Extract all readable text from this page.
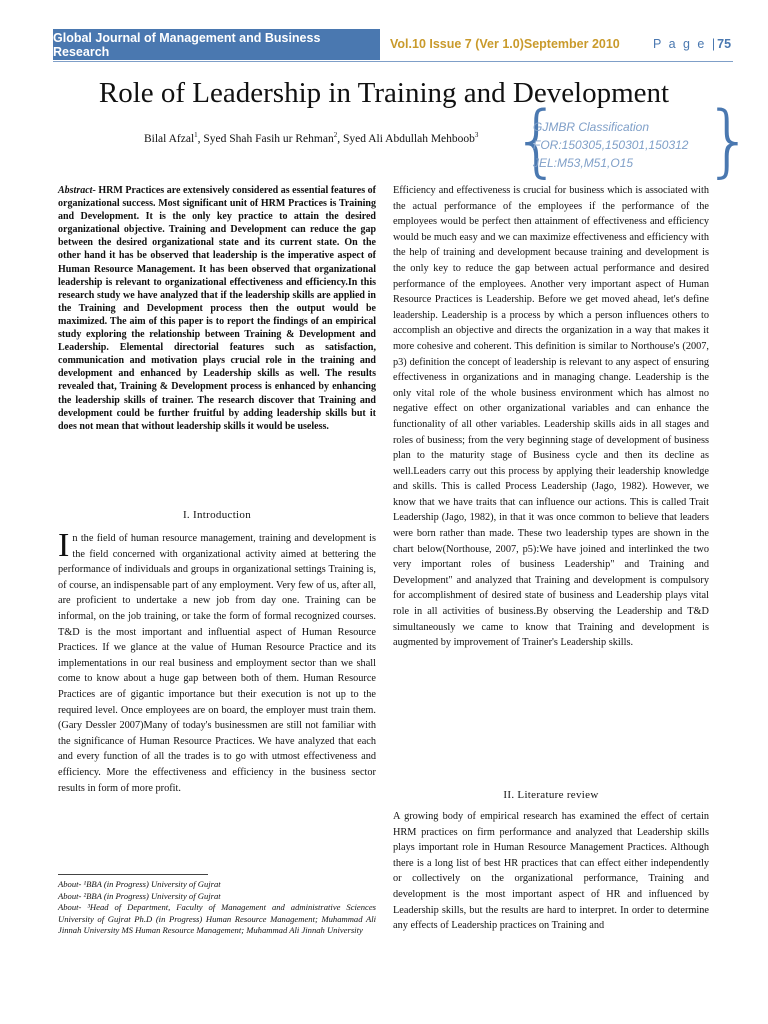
Global Journal of Management and Business Research
Vol.10 Issue 7 (Ver 1.0)September 2010	P a g e |75
Role of Leadership in Training and Development
Bilal Afzal$^1$, Syed Shah Fasih ur Rehman$^2$, Syed Ali Abdullah Mehboob$^3$ {
GJMBR Classification
FOR:150305,150301,150312
JEL:M53,M51,O15 }
Abstract- HRM Practices are extensively considered as essential features of organizational success. Most significant unit of HRM Practices is Training and Development. It is the only key practice to attain the desired organizational objective. Training and Development can reduce the gap between the desired organizational state and its current state. On the other hand it has be observed that leadership is the imperative aspect of Human Resource Management. It has been observed that organizational leadership is relevant to organizational effectiveness and efficiency.In this research study we have analyzed that if the leadership skills are applied in the Training and Development process then the output would be maximized. The aim of this paper is to report the findings of an empirical study exploring the relationship between Training & Development and Leadership. Elemental directorial features such as satisfaction, communication and motivation plays crucial role in the training and development and enhanced by Leadership skills as well. The results revealed that, Training & Development process is enhanced by enhancing the leadership skills of trainer. The research discover that Training and development could be further fruitful by adding leadership skills but it does not mean that without leadership skills it would be useless.
I. Introduction
In the field of human resource management, training and development is the field concerned with organizational activity aimed at bettering the performance of individuals and groups in organizational settings Training is, of course, an indispensable part of any employment. Very few of us, after all, are proficient to undertake a new job from day one. Training can be informal, on the job training, or take the form of formal recognized courses. T&D is the most important and influential aspect of Human Resource Practices. If we glance at the value of Human Resource Practice and its implementations in our real business and employment sector than we shall come to know about a huge gap between both of them. Human Resource Practices are of gigantic importance but their execution is not up to the required level. Once employees are on board, the employer must train them.(Gary Dessler 2007)Many of today's businessmen are still not familiar with the significance of Human Resource Practices. We have analyzed that each and every function of all the trades is to go with utmost effectiveness and efficiency. More the effectiveness and efficiency in the business sector results in form of more profit.
About- ¹BBA (in Progress) University of Gujrat
About- ²BBA (in Progress) University of Gujrat
About- ³Head of Department, Faculty of Management and administrative Sciences University of Gujrat Ph.D (in Progress) Human Resource Management; Muhammad Ali Jinnah University MS Human Resource Management; Muhammad Ali Jinnah University
Efficiency and effectiveness is crucial for business which is associated with the actual performance of the employees if the performance of the employees would be perfect then attainment of effectiveness and efficiency would be much easy and we can maximize effectiveness and efficiency with the help of training and development because training and development is the only key to reduce the gap between actual performance and desired performance of the employees. Another very important aspect of Human Resource Practices is Leadership. Before we get moved ahead, let's define leadership. Leadership is a process by which a person influences others to accomplish an objective and directs the organization in a way that makes it more cohesive and coherent. This definition is similar to Northouse's (2007, p3) definition the concept of leadership is relevant to any aspect of ensuring effectiveness in organizations and in managing change. Leadership is the only vital role of the whole business environment which has almost no negative effect on other organizational variables and can enhance the functionality of all other variables. Leadership skills aids in all stages and roles of business; from the very beginning stage of development of business plan to the maturity stage of Business cycle and then its decline as well.Leaders carry out this process by applying their leadership knowledge and skills. This is called Process Leadership (Jago, 1982). However, we know that we have traits that can influence our actions. This is called Trait Leadership (Jago, 1982), in that it was once common to believe that leaders were born rather than made. These two leadership types are shown in the chart below(Northouse, 2007, p5):We have joined and interlinked the two very important roles of business Leadership" and Training and Development" and analyzed that Training and development is compulsory for accomplishment of desired state of business and Leadership plays vital role in all activities of business.By observing the Leadership and T&D simultaneously we came to know that Training and development is augmented by improvement of Trainer's Leadership skills.
II. Literature review
A growing body of empirical research has examined the effect of certain HRM practices on firm performance and analyzed that Leadership skills plays important role in Human Resource Management Practices. Although there is a long list of best HR practices that can effect either independently or collectively on the organizational performance, Training and development is the most important aspect of HR and influenced by Leadership skills, but the results are hard to interpret. In order to determine any effects of Leadership practices on Training and
